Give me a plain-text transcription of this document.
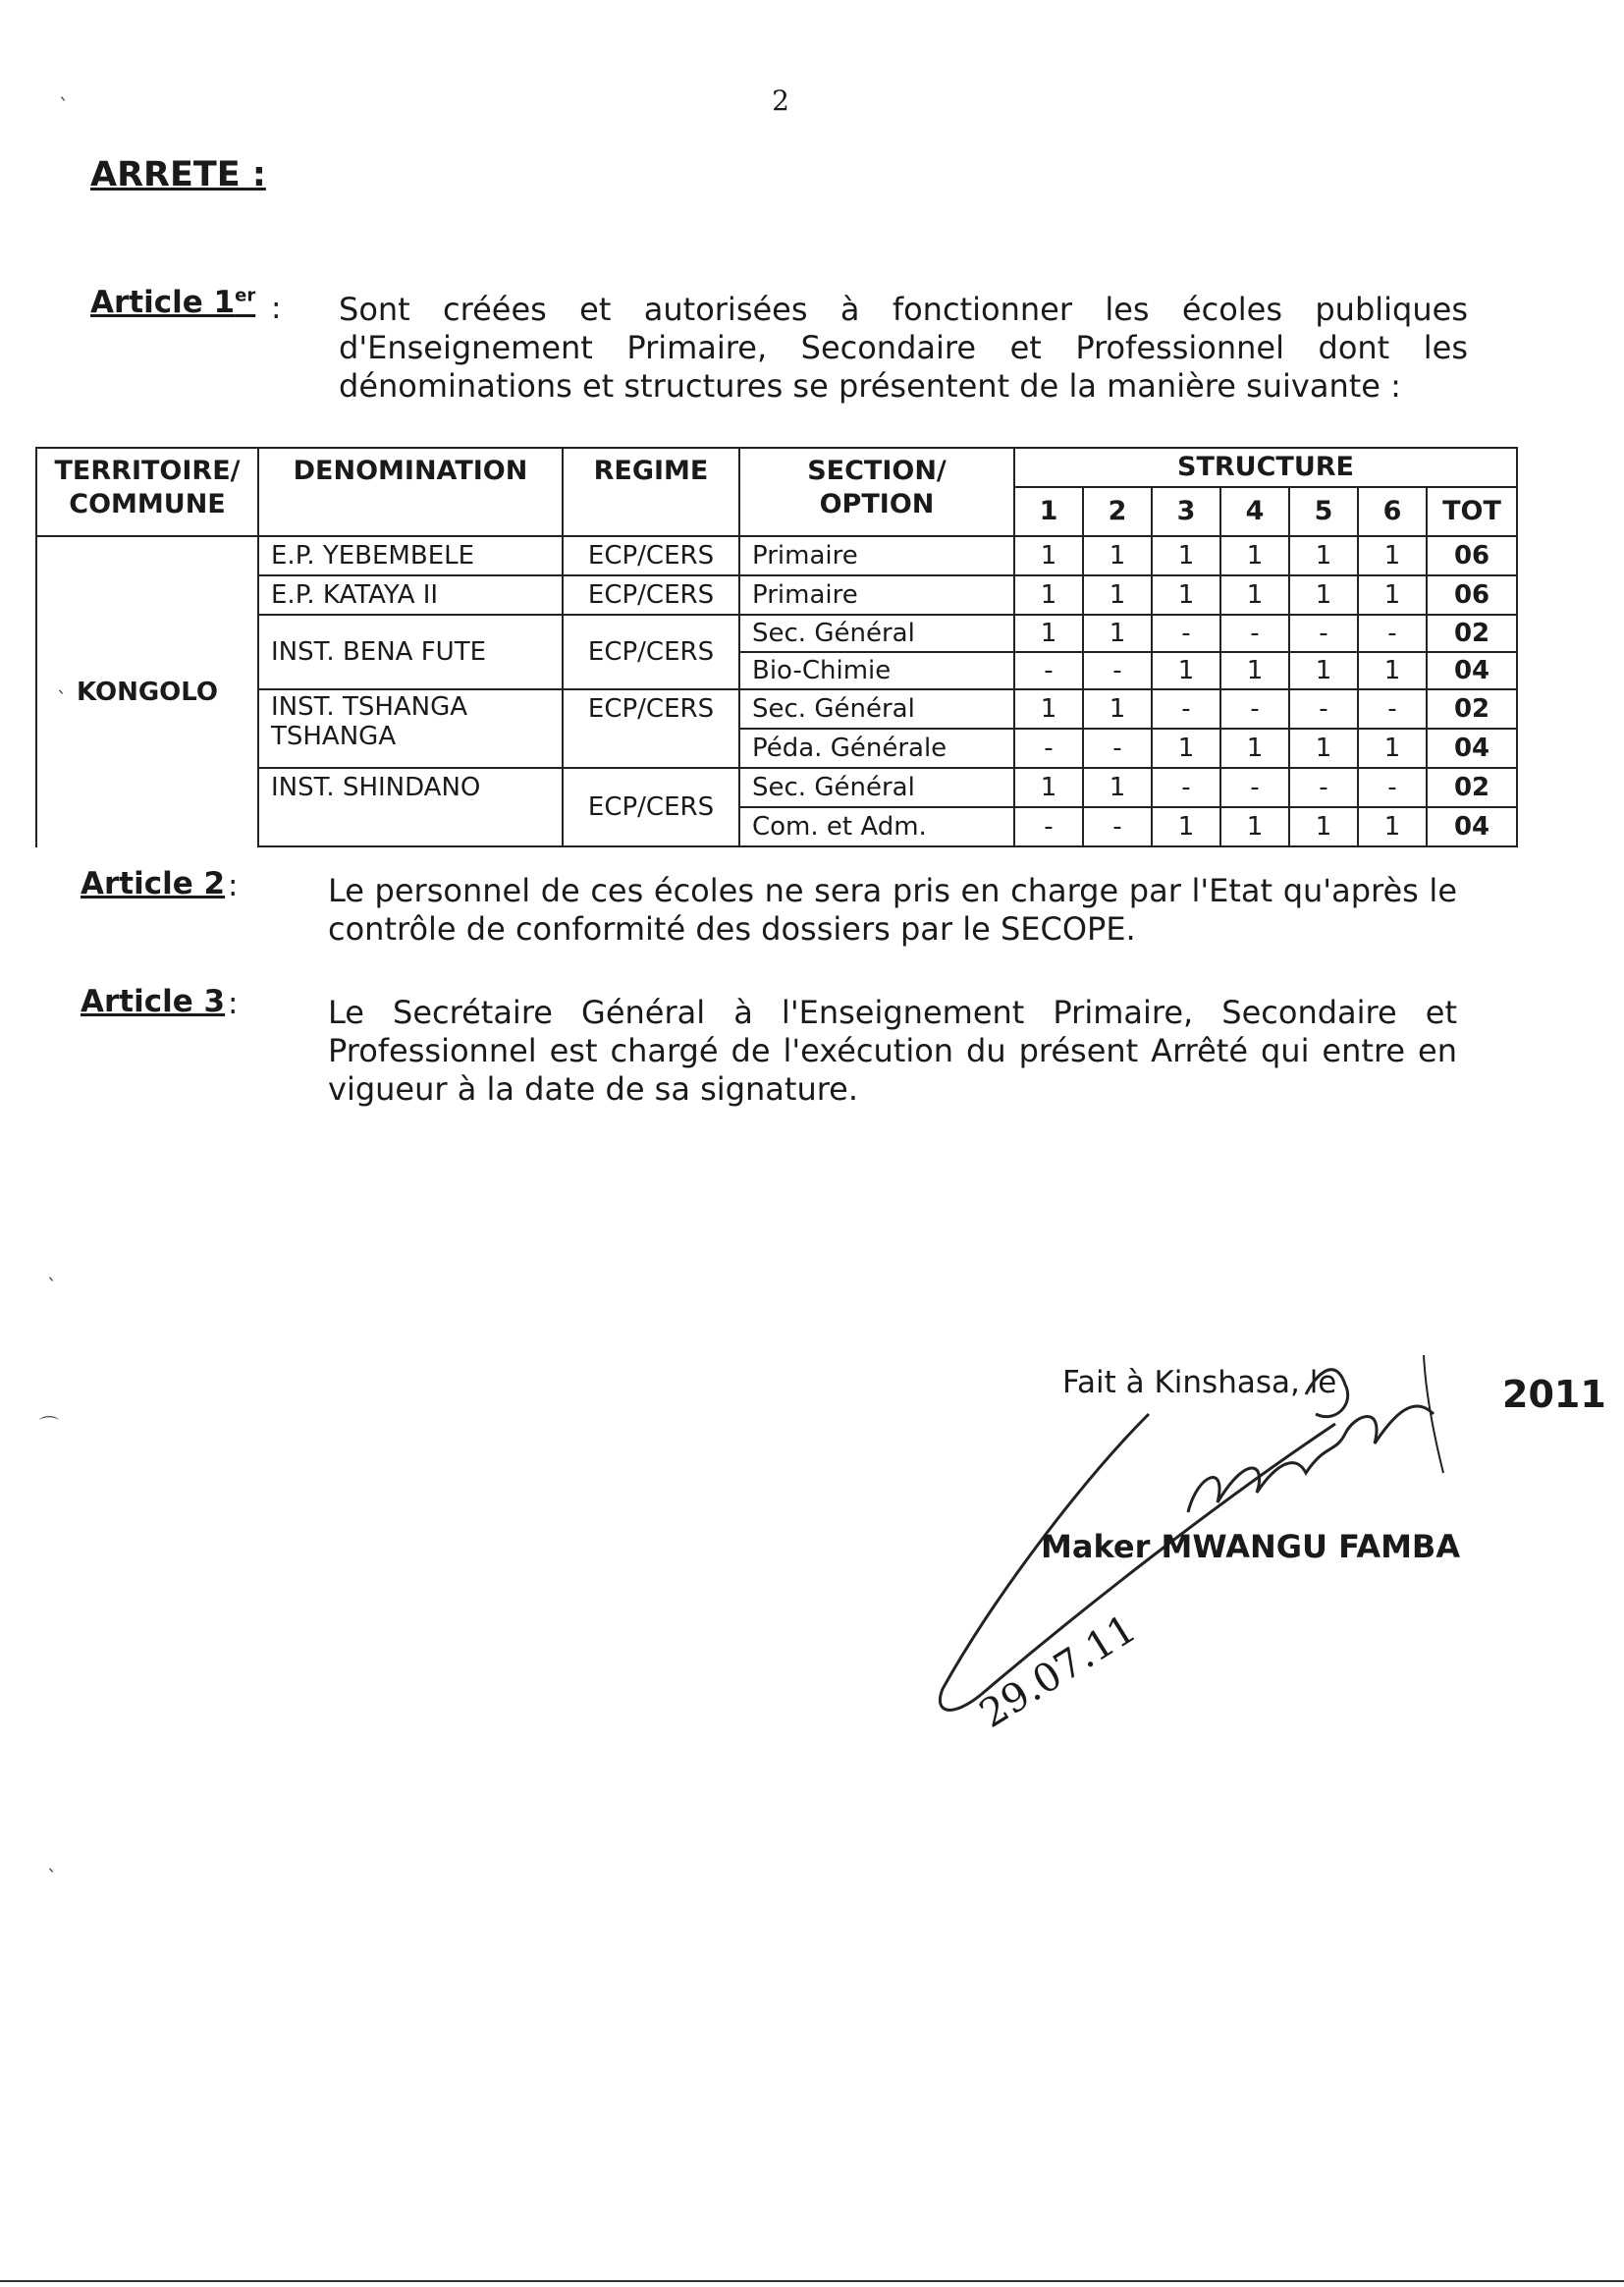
2
ARRETE :
Article 1er : Sont créées et autorisées à fonctionner les écoles publiques d'Enseignement Primaire, Secondaire et Professionnel dont les dénominations et structures se présentent de la manière suivante :
TERRITOIRE/ COMMUNE	DENOMINATION	REGIME	SECTION/ OPTION	STRUCTURE						
				1	2	3	4	5	6	TOT
KONGOLO	E.P. YEBEMBELE	ECP/CERS	Primaire	1	1	1	1	1	1	06
	E.P. KATAYA II	ECP/CERS	Primaire	1	1	1	1	1	1	06
	INST. BENA FUTE	ECP/CERS	Sec. Général	1	1	-	-	-	-	02
			Bio-Chimie	-	-	1	1	1	1	04
	INST. TSHANGA TSHANGA	ECP/CERS	Sec. Général	1	1	-	-	-	-	02
			Péda. Générale	-	-	1	1	1	1	04
	INST. SHINDANO	ECP/CERS	Sec. Général	1	1	-	-	-	-	02
			Com. et Adm.	-	-	1	1	1	1	04

Article 2 :	Le personnel de ces écoles ne sera pris en charge par l'Etat qu'après le contrôle de conformité des dossiers par le SECOPE.
Article 3 :	Le Secrétaire Général à l'Enseignement Primaire, Secondaire et Professionnel est chargé de l'exécution du présent Arrêté qui entre en vigueur à la date de sa signature.
Fait à Kinshasa, le	2011
Maker MWANGU FAMBA
29.07.11
`
`
`
⌒
`
